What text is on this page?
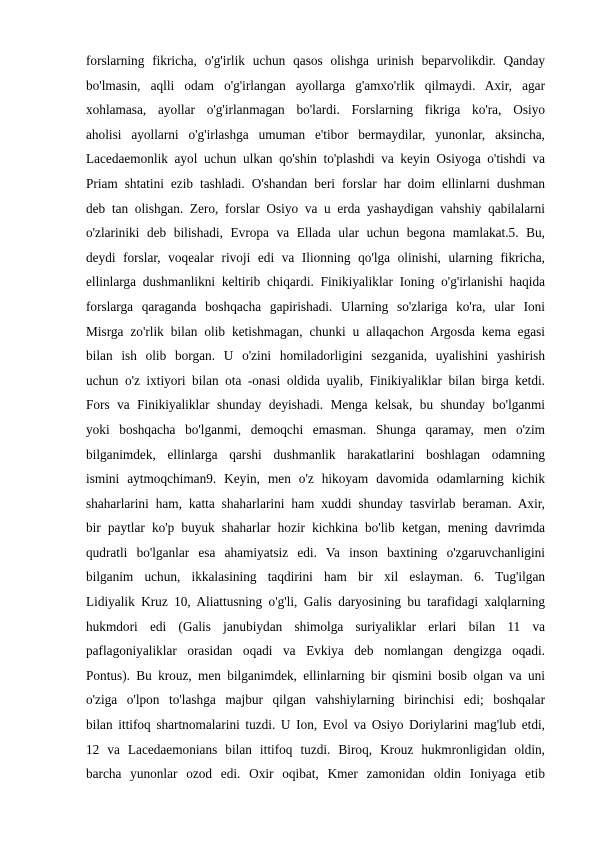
forslarning fikricha, o'g'irlik uchun qasos olishga urinish beparvolikdir. Qanday
bo'lmasin, aqlli odam o'g'irlangan ayollarga g'amxo'rlik qilmaydi. Axir, agar
xohlamasa, ayollar o'g'irlanmagan bo'lardi. Forslarning fikriga ko'ra, Osiyo
aholisi ayollarni o'g'irlashga umuman e'tibor bermaydilar, yunonlar, aksincha,
Lacedaemonlik ayol uchun ulkan qo'shin to'plashdi va keyin Osiyoga o'tishdi va
Priam shtatini ezib tashladi. O'shandan beri forslar har doim ellinlarni dushman
deb tan olishgan. Zero, forslar Osiyo va u erda yashaydigan vahshiy qabilalarni
o'zlariniki deb bilishadi, Evropa va Ellada ular uchun begona mamlakat.5. Bu,
deydi forslar, voqealar rivoji edi va Ilionning qo'lga olinishi, ularning fikricha,
ellinlarga dushmanlikni keltirib chiqardi. Finikiyaliklar Ioning o'g'irlanishi haqida
forslarga qaraganda boshqacha gapirishadi. Ularning so'zlariga ko'ra, ular Ioni
Misrga zo'rlik bilan olib ketishmagan, chunki u allaqachon Argosda kema egasi
bilan ish olib borgan. U o'zini homiladorligini sezganida, uyalishini yashirish
uchun o'z ixtiyori bilan ota -onasi oldida uyalib, Finikiyaliklar bilan birga ketdi.
Fors va Finikiyaliklar shunday deyishadi. Menga kelsak, bu shunday bo'lganmi
yoki boshqacha bo'lganmi, demoqchi emasman. Shunga qaramay, men o'zim
bilganimdek, ellinlarga qarshi dushmanlik harakatlarini boshlagan odamning
ismini aytmoqchiman9. Keyin, men o'z hikoyam davomida odamlarning kichik
shaharlarini ham, katta shaharlarini ham xuddi shunday tasvirlab beraman. Axir,
bir paytlar ko'p buyuk shaharlar hozir kichkina bo'lib ketgan, mening davrimda
qudratli bo'lganlar esa ahamiyatsiz edi. Va inson baxtining o'zgaruvchanligini
bilganim uchun, ikkalasining taqdirini ham bir xil eslayman. 6. Tug'ilgan
Lidiyalik Kruz 10, Aliattusning o'g'li, Galis daryosining bu tarafidagi xalqlarning
hukmdori edi (Galis janubiydan shimolga suriyaliklar erlari bilan 11 va
paflagoniyaliklar orasidan oqadi va Evkiya deb nomlangan dengizga oqadi.
Pontus). Bu krouz, men bilganimdek, ellinlarning bir qismini bosib olgan va uni
o'ziga o'lpon to'lashga majbur qilgan vahshiylarning birinchisi edi; boshqalar
bilan ittifoq shartnomalarini tuzdi. U Ion, Evol va Osiyo Doriylarini mag'lub etdi,
12 va Lacedaemonians bilan ittifoq tuzdi. Biroq, Krouz hukmronligidan oldin,
barcha yunonlar ozod edi. Oxir oqibat, Kmer zamonidan oldin Ioniyaga etib
